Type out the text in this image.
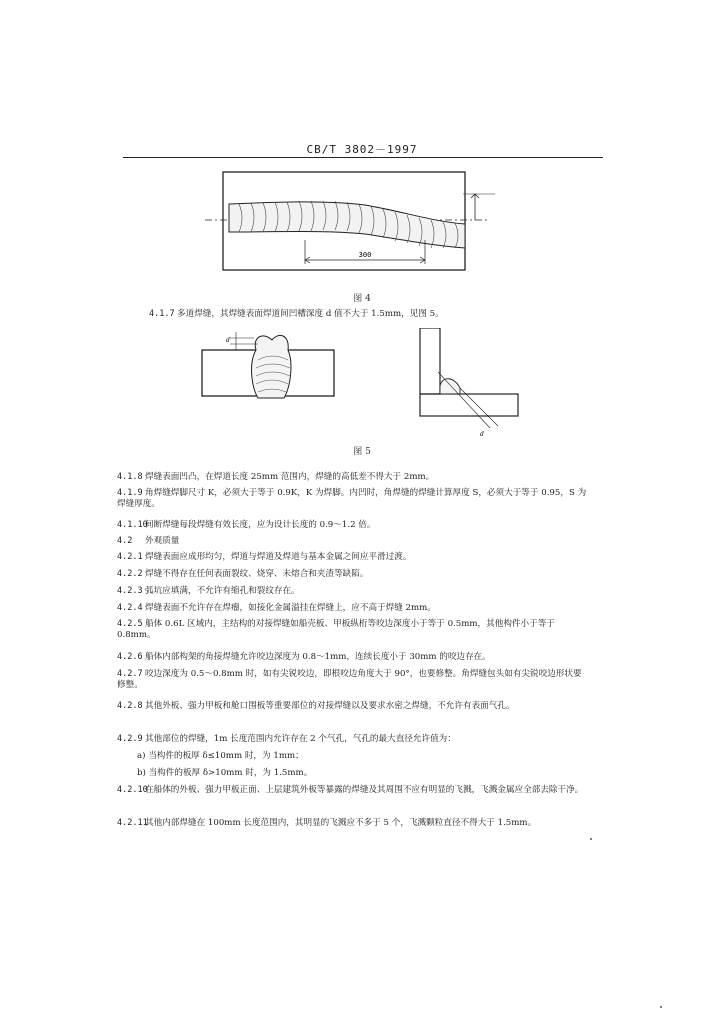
CB/T 3802－1997
300
图 4
4.1.7 多道焊缝，其焊缝表面焊道间凹槽深度 d 值不大于 1.5mm，见图 5。
d
d
图 5
4.1.8 焊缝表面凹凸，在焊道长度 25mm 范围内，焊缝的高低差不得大于 2mm。
4.1.9 角焊缝焊脚尺寸 K，必须大于等于 0.9K，K 为焊脚。内凹时，角焊缝的焊缝计算厚度 S，必须大于等于 0.95，S 为焊缝厚度。
4.1.10间断焊缝每段焊缝有效长度，应为设计长度的 0.9～1.2 倍。
4.2 外观质量
4.2.1 焊缝表面应成形均匀，焊道与焊道及焊道与基本金属之间应平滑过渡。
4.2.2 焊缝不得存在任何表面裂纹、烧穿、未熔合和夹渣等缺陷。
4.2.3 弧坑应填满，不允许有缩孔和裂纹存在。
4.2.4 焊缝表面不允许存在焊瘤，如接化金属溢挂在焊缝上，应不高于焊缝 2mm。
4.2.5 船体 0.6L 区域内，主结构的对接焊缝如船壳板、甲板纵桁等咬边深度小于等于 0.5mm，其他构件小于等于 0.8mm。
4.2.6 船体内部构架的角接焊缝允许咬边深度为 0.8～1mm，连续长度小于 30mm 的咬边存在。
4.2.7 咬边深度为 0.5～0.8mm 时，如有尖锐咬边，即根咬边角度大于 90°，也要修整。角焊缝包头如有尖锐咬边形状要修整。
4.2.8 其他外板、强力甲板和舱口围板等重要部位的对接焊缝以及要求水密之焊缝，不允许有表面气孔。
4.2.9 其他部位的焊缝，1m 长度范围内允许存在 2 个气孔，气孔的最大直径允许值为：
a) 当构件的板厚 δ≤10mm 时，为 1mm；
b) 当构件的板厚 δ>10mm 时，为 1.5mm。
4.2.10在船体的外板、强力甲板正面、上层建筑外板等暴露的焊缝及其周围不应有明显的飞溅，飞溅金属应全部去除干净。
4.2.11其他内部焊缝在 100mm 长度范围内，其明显的飞溅应不多于 5 个，飞溅颗粒直径不得大于 1.5mm。
